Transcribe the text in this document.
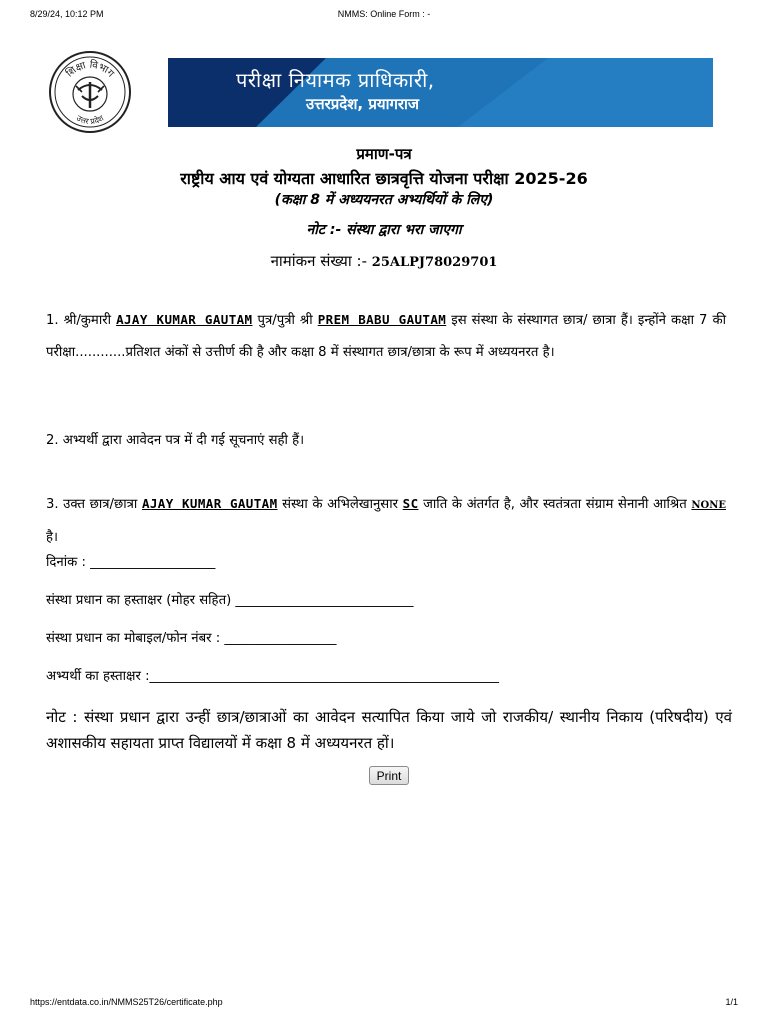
8/29/24, 10:12 PM	NMMS: Online Form : -
शिक्षा विभाग
उत्तर प्रदेश
परीक्षा नियामक प्राधिकारी,
उत्तरप्रदेश, प्रयागराज
प्रमाण-पत्र
राष्ट्रीय आय एवं योग्यता आधारित छात्रवृत्ति योजना परीक्षा 2025-26
(कक्षा 8 में अध्ययनरत अभ्यर्थियों के लिए)
नोट :- संस्था द्वारा भरा जाएगा
नामांकन संख्या :- 25ALPJ78029701
1. श्री/कुमारी AJAY KUMAR GAUTAM पुत्र/पुत्री श्री PREM BABU GAUTAM इस संस्था के संस्थागत छात्र/ छात्रा हैं। इन्होंने कक्षा 7 की परीक्षा............प्रतिशत अंकों से उत्तीर्ण की है और कक्षा 8 में संस्थागत छात्र/छात्रा के रूप में अध्ययनरत है।
2. अभ्यर्थी द्वारा आवेदन पत्र में दी गई सूचनाएं सही हैं।
3. उक्त छात्र/छात्रा AJAY KUMAR GAUTAM संस्था के अभिलेखानुसार SC जाति के अंतर्गत है, और स्वतंत्रता संग्राम सेनानी आश्रित NONE है।
दिनांक : ___________________
संस्था प्रधान का हस्ताक्षर (मोहर सहित) ___________________________
संस्था प्रधान का मोबाइल/फोन नंबर : _________________
अभ्यर्थी का हस्ताक्षर :_____________________________________________________
नोट : संस्था प्रधान द्वारा उन्हीं छात्र/छात्राओं का आवेदन सत्यापित किया जाये जो राजकीय/ स्थानीय निकाय (परिषदीय) एवं अशासकीय सहायता प्राप्त विद्यालयों में कक्षा 8 में अध्ययनरत हों।
Print
https://entdata.co.in/NMMS25T26/certificate.php	1/1
